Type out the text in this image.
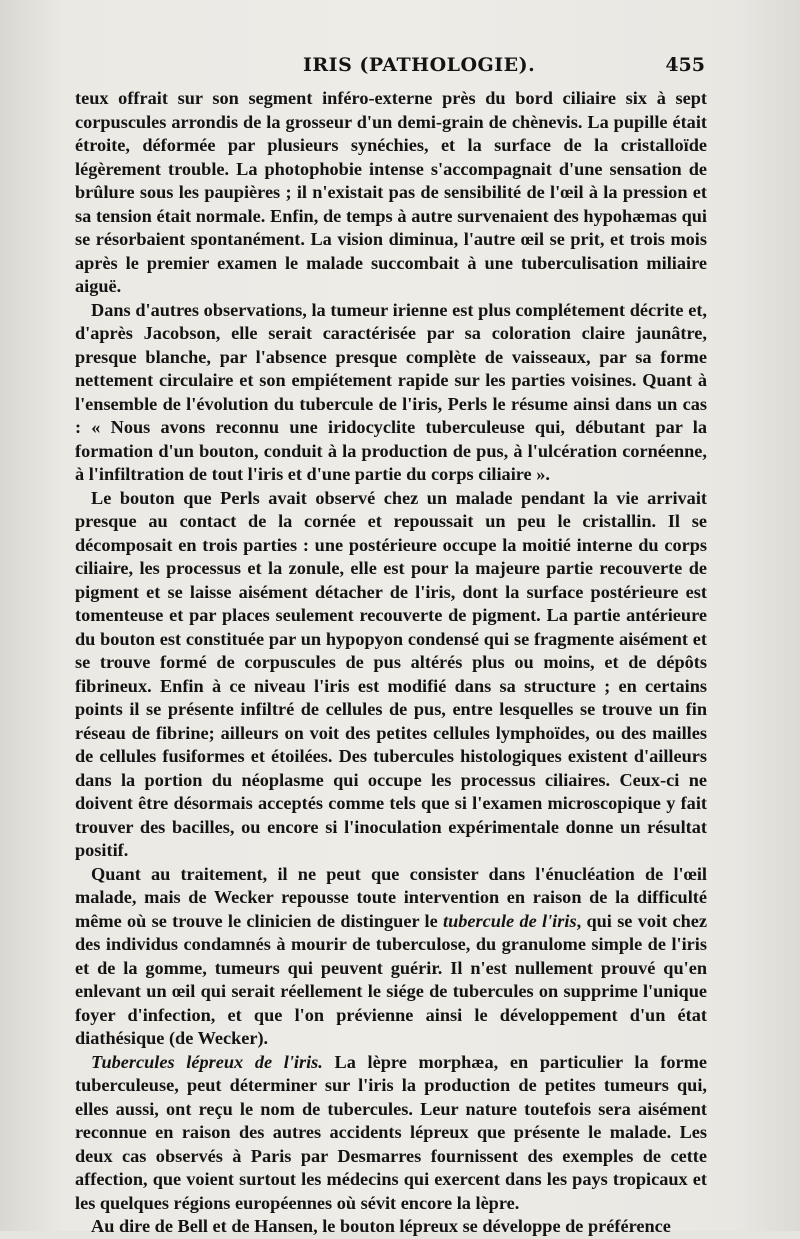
IRIS (PATHOLOGIE).	455

teux offrait sur son segment inféro-externe près du bord ciliaire six à sept corpuscules arrondis de la grosseur d'un demi-grain de chènevis. La pupille était étroite, déformée par plusieurs synéchies, et la surface de la cristalloïde légèrement trouble. La photophobie intense s'accompagnait d'une sensation de brûlure sous les paupières ; il n'existait pas de sensibilité de l'œil à la pression et sa tension était normale. Enfin, de temps à autre survenaient des hypohæmas qui se résorbaient spontanément. La vision diminua, l'autre œil se prit, et trois mois après le premier examen le malade succombait à une tuberculisation miliaire aiguë.

Dans d'autres observations, la tumeur irienne est plus complétement décrite et, d'après Jacobson, elle serait caractérisée par sa coloration claire jaunâtre, presque blanche, par l'absence presque complète de vaisseaux, par sa forme nettement circulaire et son empiétement rapide sur les parties voisines. Quant à l'ensemble de l'évolution du tubercule de l'iris, Perls le résume ainsi dans un cas : « Nous avons reconnu une iridocyclite tuberculeuse qui, débutant par la formation d'un bouton, conduit à la production de pus, à l'ulcération cornéenne, à l'infiltration de tout l'iris et d'une partie du corps ciliaire ».

Le bouton que Perls avait observé chez un malade pendant la vie arrivait presque au contact de la cornée et repoussait un peu le cristallin. Il se décomposait en trois parties : une postérieure occupe la moitié interne du corps ciliaire, les processus et la zonule, elle est pour la majeure partie recouverte de pigment et se laisse aisément détacher de l'iris, dont la surface postérieure est tomenteuse et par places seulement recouverte de pigment. La partie antérieure du bouton est constituée par un hypopyon condensé qui se fragmente aisément et se trouve formé de corpuscules de pus altérés plus ou moins, et de dépôts fibrineux. Enfin à ce niveau l'iris est modifié dans sa structure ; en certains points il se présente infiltré de cellules de pus, entre lesquelles se trouve un fin réseau de fibrine; ailleurs on voit des petites cellules lymphoïdes, ou des mailles de cellules fusiformes et étoilées. Des tubercules histologiques existent d'ailleurs dans la portion du néoplasme qui occupe les processus ciliaires. Ceux-ci ne doivent être désormais acceptés comme tels que si l'examen microscopique y fait trouver des bacilles, ou encore si l'inoculation expérimentale donne un résultat positif.

Quant au traitement, il ne peut que consister dans l'énucléation de l'œil malade, mais de Wecker repousse toute intervention en raison de la difficulté même où se trouve le clinicien de distinguer le tubercule de l'iris, qui se voit chez des individus condamnés à mourir de tuberculose, du granulome simple de l'iris et de la gomme, tumeurs qui peuvent guérir. Il n'est nullement prouvé qu'en enlevant un œil qui serait réellement le siége de tubercules on supprime l'unique foyer d'infection, et que l'on prévienne ainsi le développement d'un état diathésique (de Wecker).

Tubercules lépreux de l'iris. La lèpre morphæa, en particulier la forme tuberculeuse, peut déterminer sur l'iris la production de petites tumeurs qui, elles aussi, ont reçu le nom de tubercules. Leur nature toutefois sera aisément reconnue en raison des autres accidents lépreux que présente le malade. Les deux cas observés à Paris par Desmarres fournissent des exemples de cette affection, que voient surtout les médecins qui exercent dans les pays tropicaux et les quelques régions européennes où sévit encore la lèpre.

Au dire de Bell et de Hansen, le bouton lépreux se développe de préférence
